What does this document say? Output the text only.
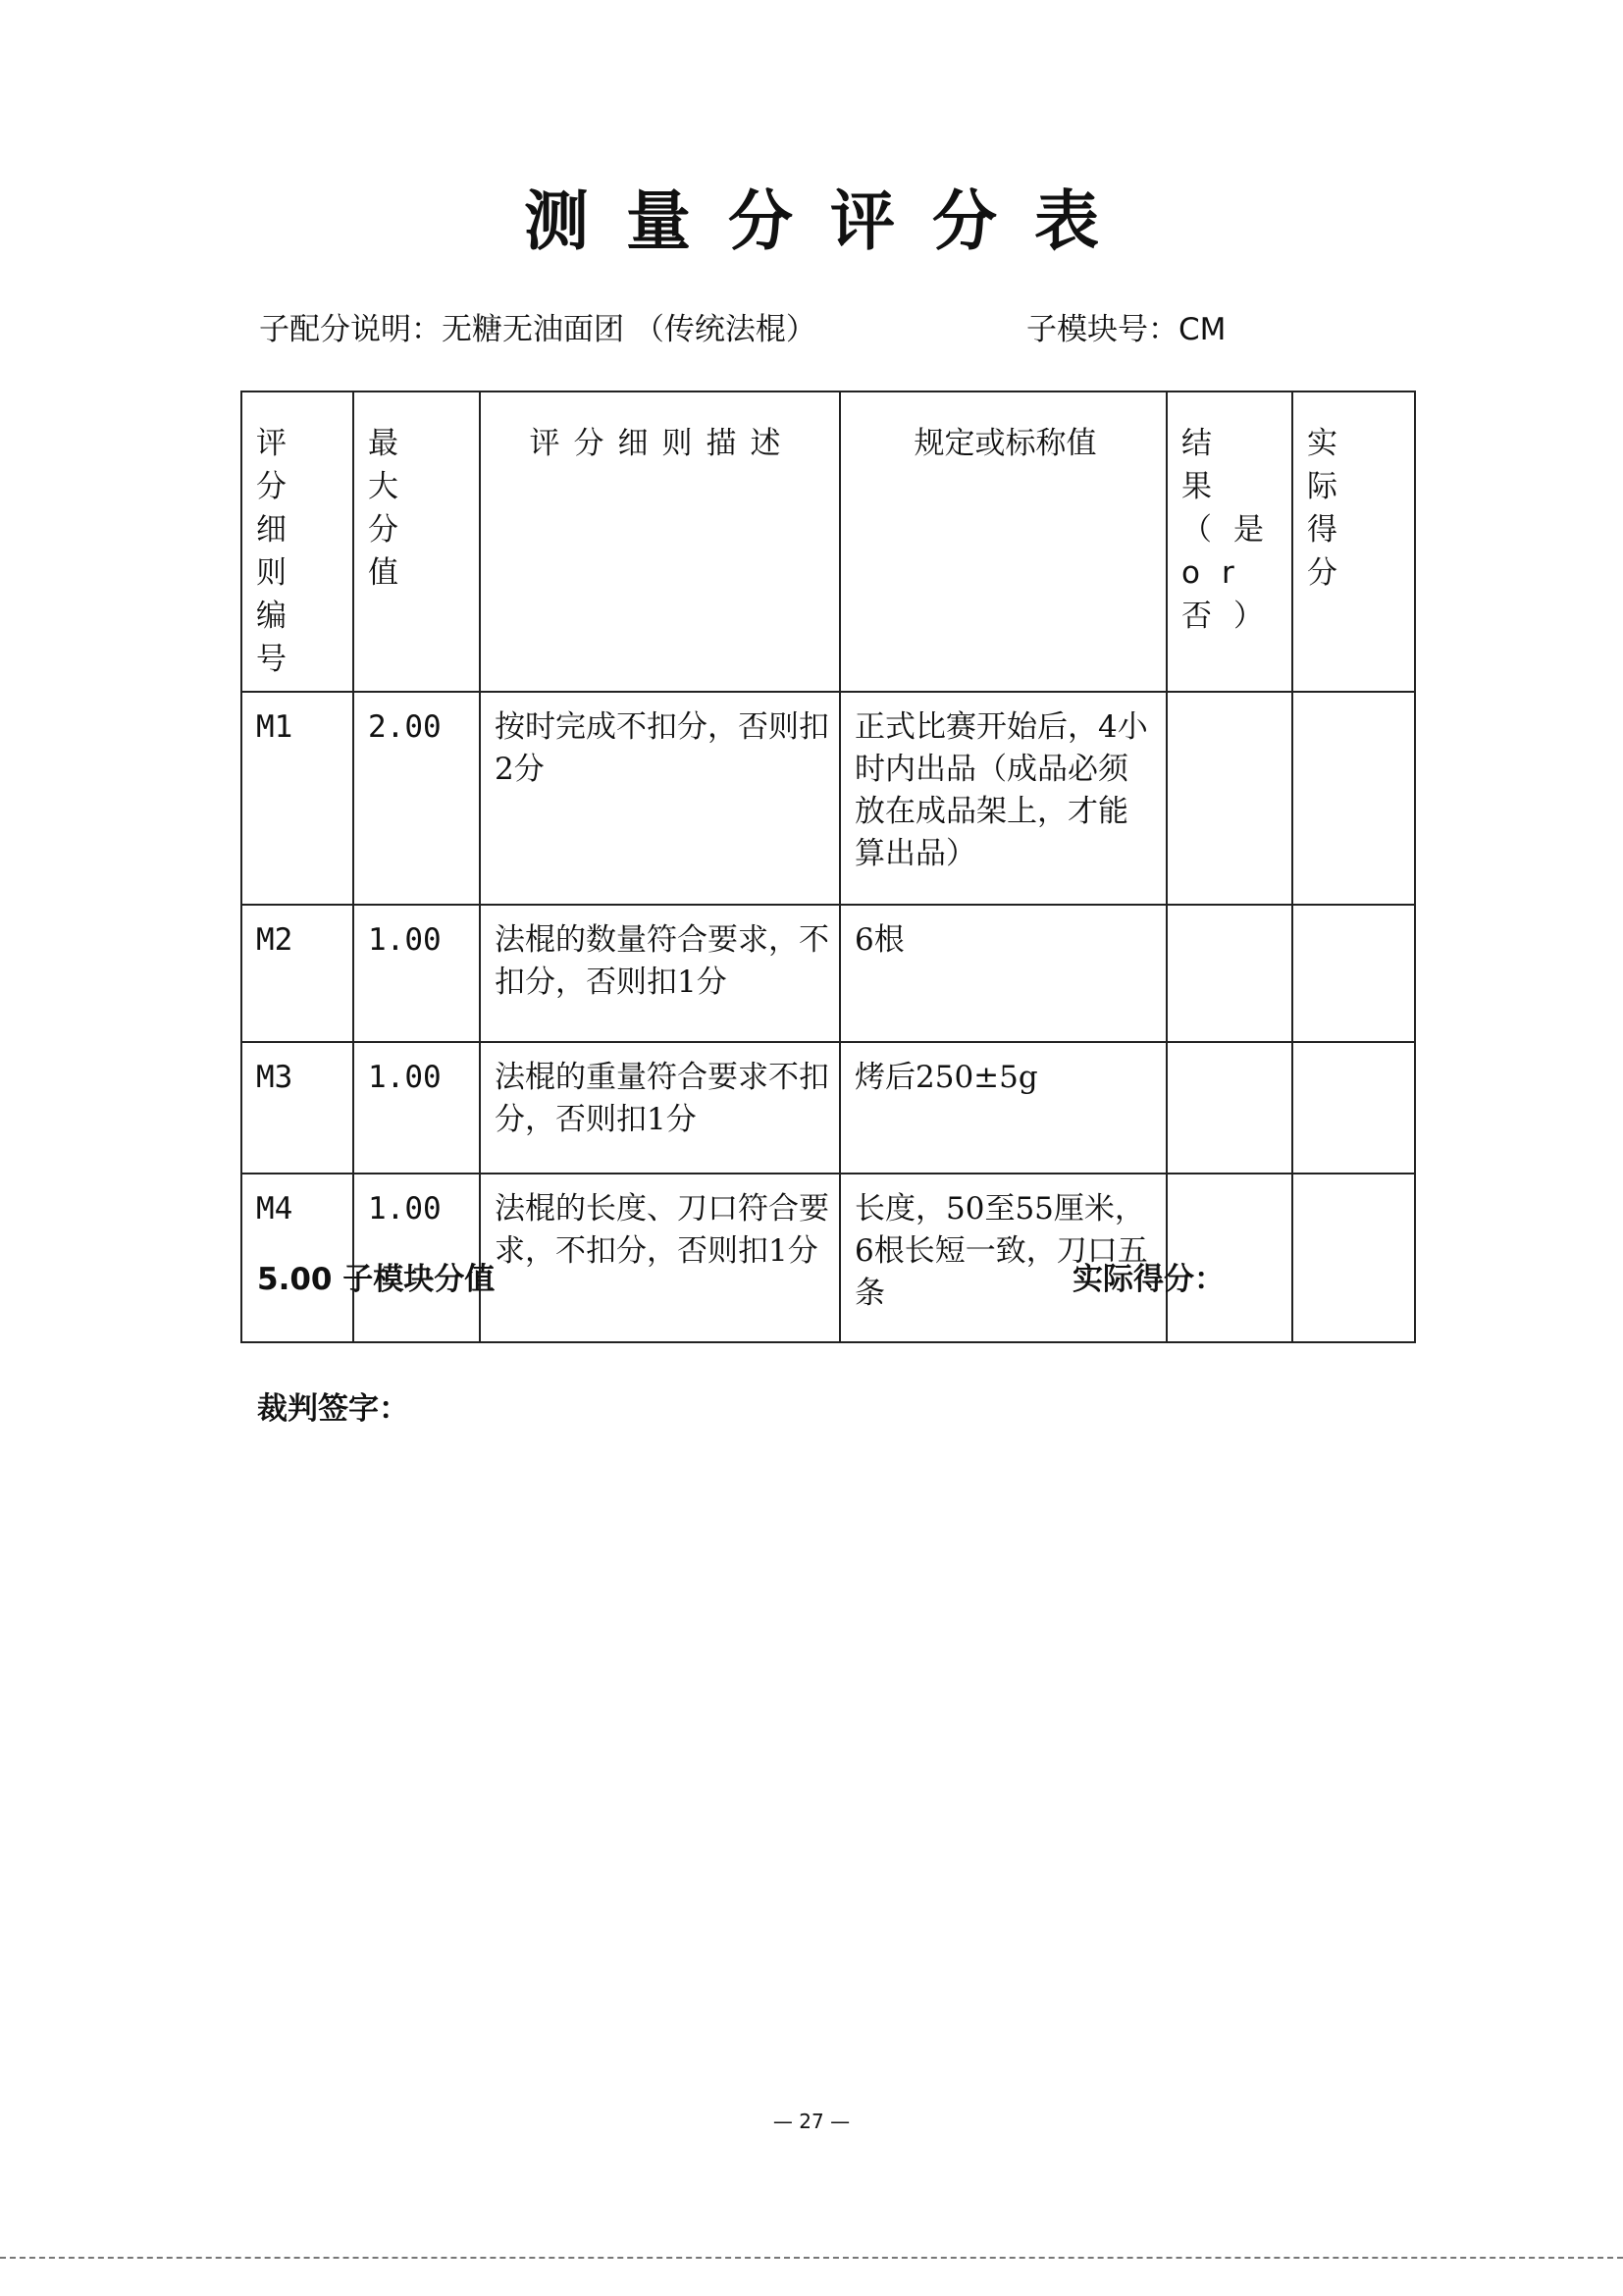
测量分评分表
子配分说明：无糖无油面团 （传统法棍）	子模块号：CM
评分细则编号	最大分值	评分细则描述	规定或标称值	结果（是or否）	实际得分
M1	2.00	按时完成不扣分，否则扣2分	正式比赛开始后，4小时内出品（成品必须放在成品架上，才能算出品）		
M2	1.00	法棍的数量符合要求，不扣分，否则扣1分	6根		
M3	1.00	法棍的重量符合要求不扣分，否则扣1分	烤后250±5g		
M4	1.00	法棍的长度、刀口符合要求，不扣分，否则扣1分	长度，50至55厘米，6根长短一致，刀口五条		
5.00 子模块分值	实际得分：
裁判签字：
— 27 —
